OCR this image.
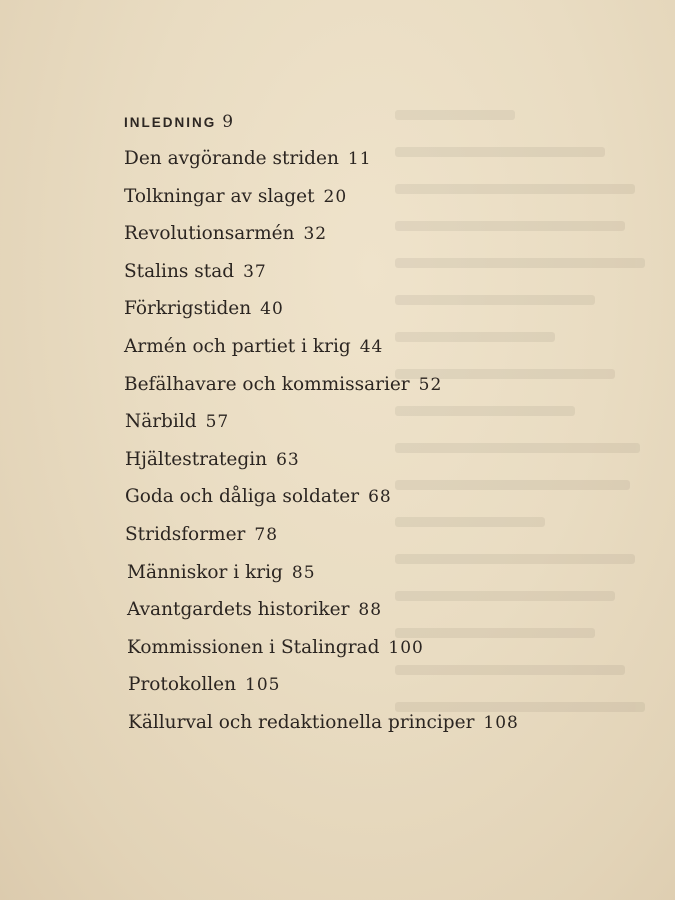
INLEDNING 9
Den avgörande striden 11
Tolkningar av slaget 20
Revolutionsarmén 32
Stalins stad 37
Förkrigstiden 40
Armén och partiet i krig 44
Befälhavare och kommissarier 52
Närbild 57
Hjältestrategin 63
Goda och dåliga soldater 68
Stridsformer 78
Människor i krig 85
Avantgardets historiker 88
Kommissionen i Stalingrad 100
Protokollen 105
Källurval och redaktionella principer 108
